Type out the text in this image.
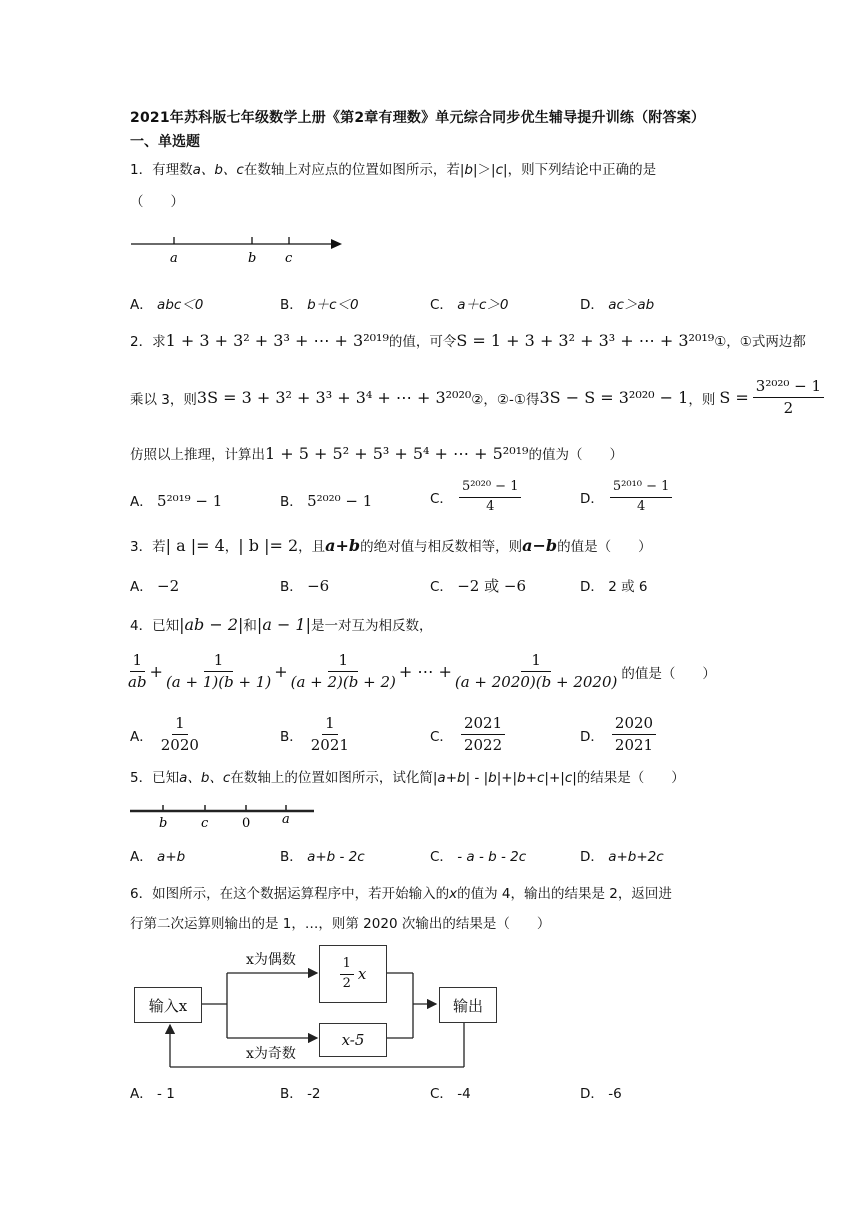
2021年苏科版七年级数学上册《第2章有理数》单元综合同步优生辅导提升训练（附答案）
一、单选题
1．有理数a、b、c在数轴上对应点的位置如图所示，若|b|＞|c|，则下列结论中正确的是
（　　）
a	b c
A． abc＜0	B． b＋c＜0	C． a＋c＞0	D． ac＞ab
2．求1 + 3 + 3² + 3³ + ⋯ + 3²⁰¹⁹的值，可令S = 1 + 3 + 3² + 3³ + ⋯ + 3²⁰¹⁹①，①式两边都
乘以 3，则 3S = 3 + 3² + 3³ + 3⁴ + ⋯ + 3²⁰²⁰ ②，②-①得 3S − S = 3²⁰²⁰ − 1 ，则 $S = \frac{\text{3²⁰²⁰ − 1}}{2}$
仿照以上推理，计算出1 + 5 + 5² + 5³ + 5⁴ + ⋯ + 5²⁰¹⁹的值为（　　）
A． 5²⁰¹⁹ − 1	B． 5²⁰²⁰ − 1	C． $\frac{\text{5²⁰²⁰ − 1}}{4}$	D． $\frac{\text{5²⁰¹⁰ − 1}}{4}$
3．若| a |= 4，| b |= 2，且a+b的绝对值与相反数相等，则a−b的值是（　　）
A． −2	B． −6	C． −2 或 −6	D． 2 或 6
4．已知|ab − 2|和|a − 1|是一对互为相反数，
$\frac{1}{ab} + \frac{1}{(a + 1)(b + 1)} + \frac{1}{(a + 2)(b + 2)}$ + ⋯ + $\frac{1}{(a + 2020)(b + 2020)}$ 的值是（　　）
A． $\frac{1}{2020}$	B． $\frac{1}{2021}$	C． $\frac{2021}{2022}$	D． $\frac{2020}{2021}$
5．已知a、b、c在数轴上的位置如图所示，试化简|a+b| - |b|+|b+c|+|c|的结果是（　　）
b	c	0 a
A． a+b	B． a+b - 2c	C． - a - b - 2c	D． a+b+2c
6．如图所示，在这个数据运算程序中，若开始输入的x的值为 4，输出的结果是 2，返回进
行第二次运算则输出的是 1，…，则第 2020 次输出的结果是（　　）
输入x
x为偶数	$\frac{1}{2}$ x
x-5
x为奇数
输出
A． - 1	B． -2	C． -4	D． -6
